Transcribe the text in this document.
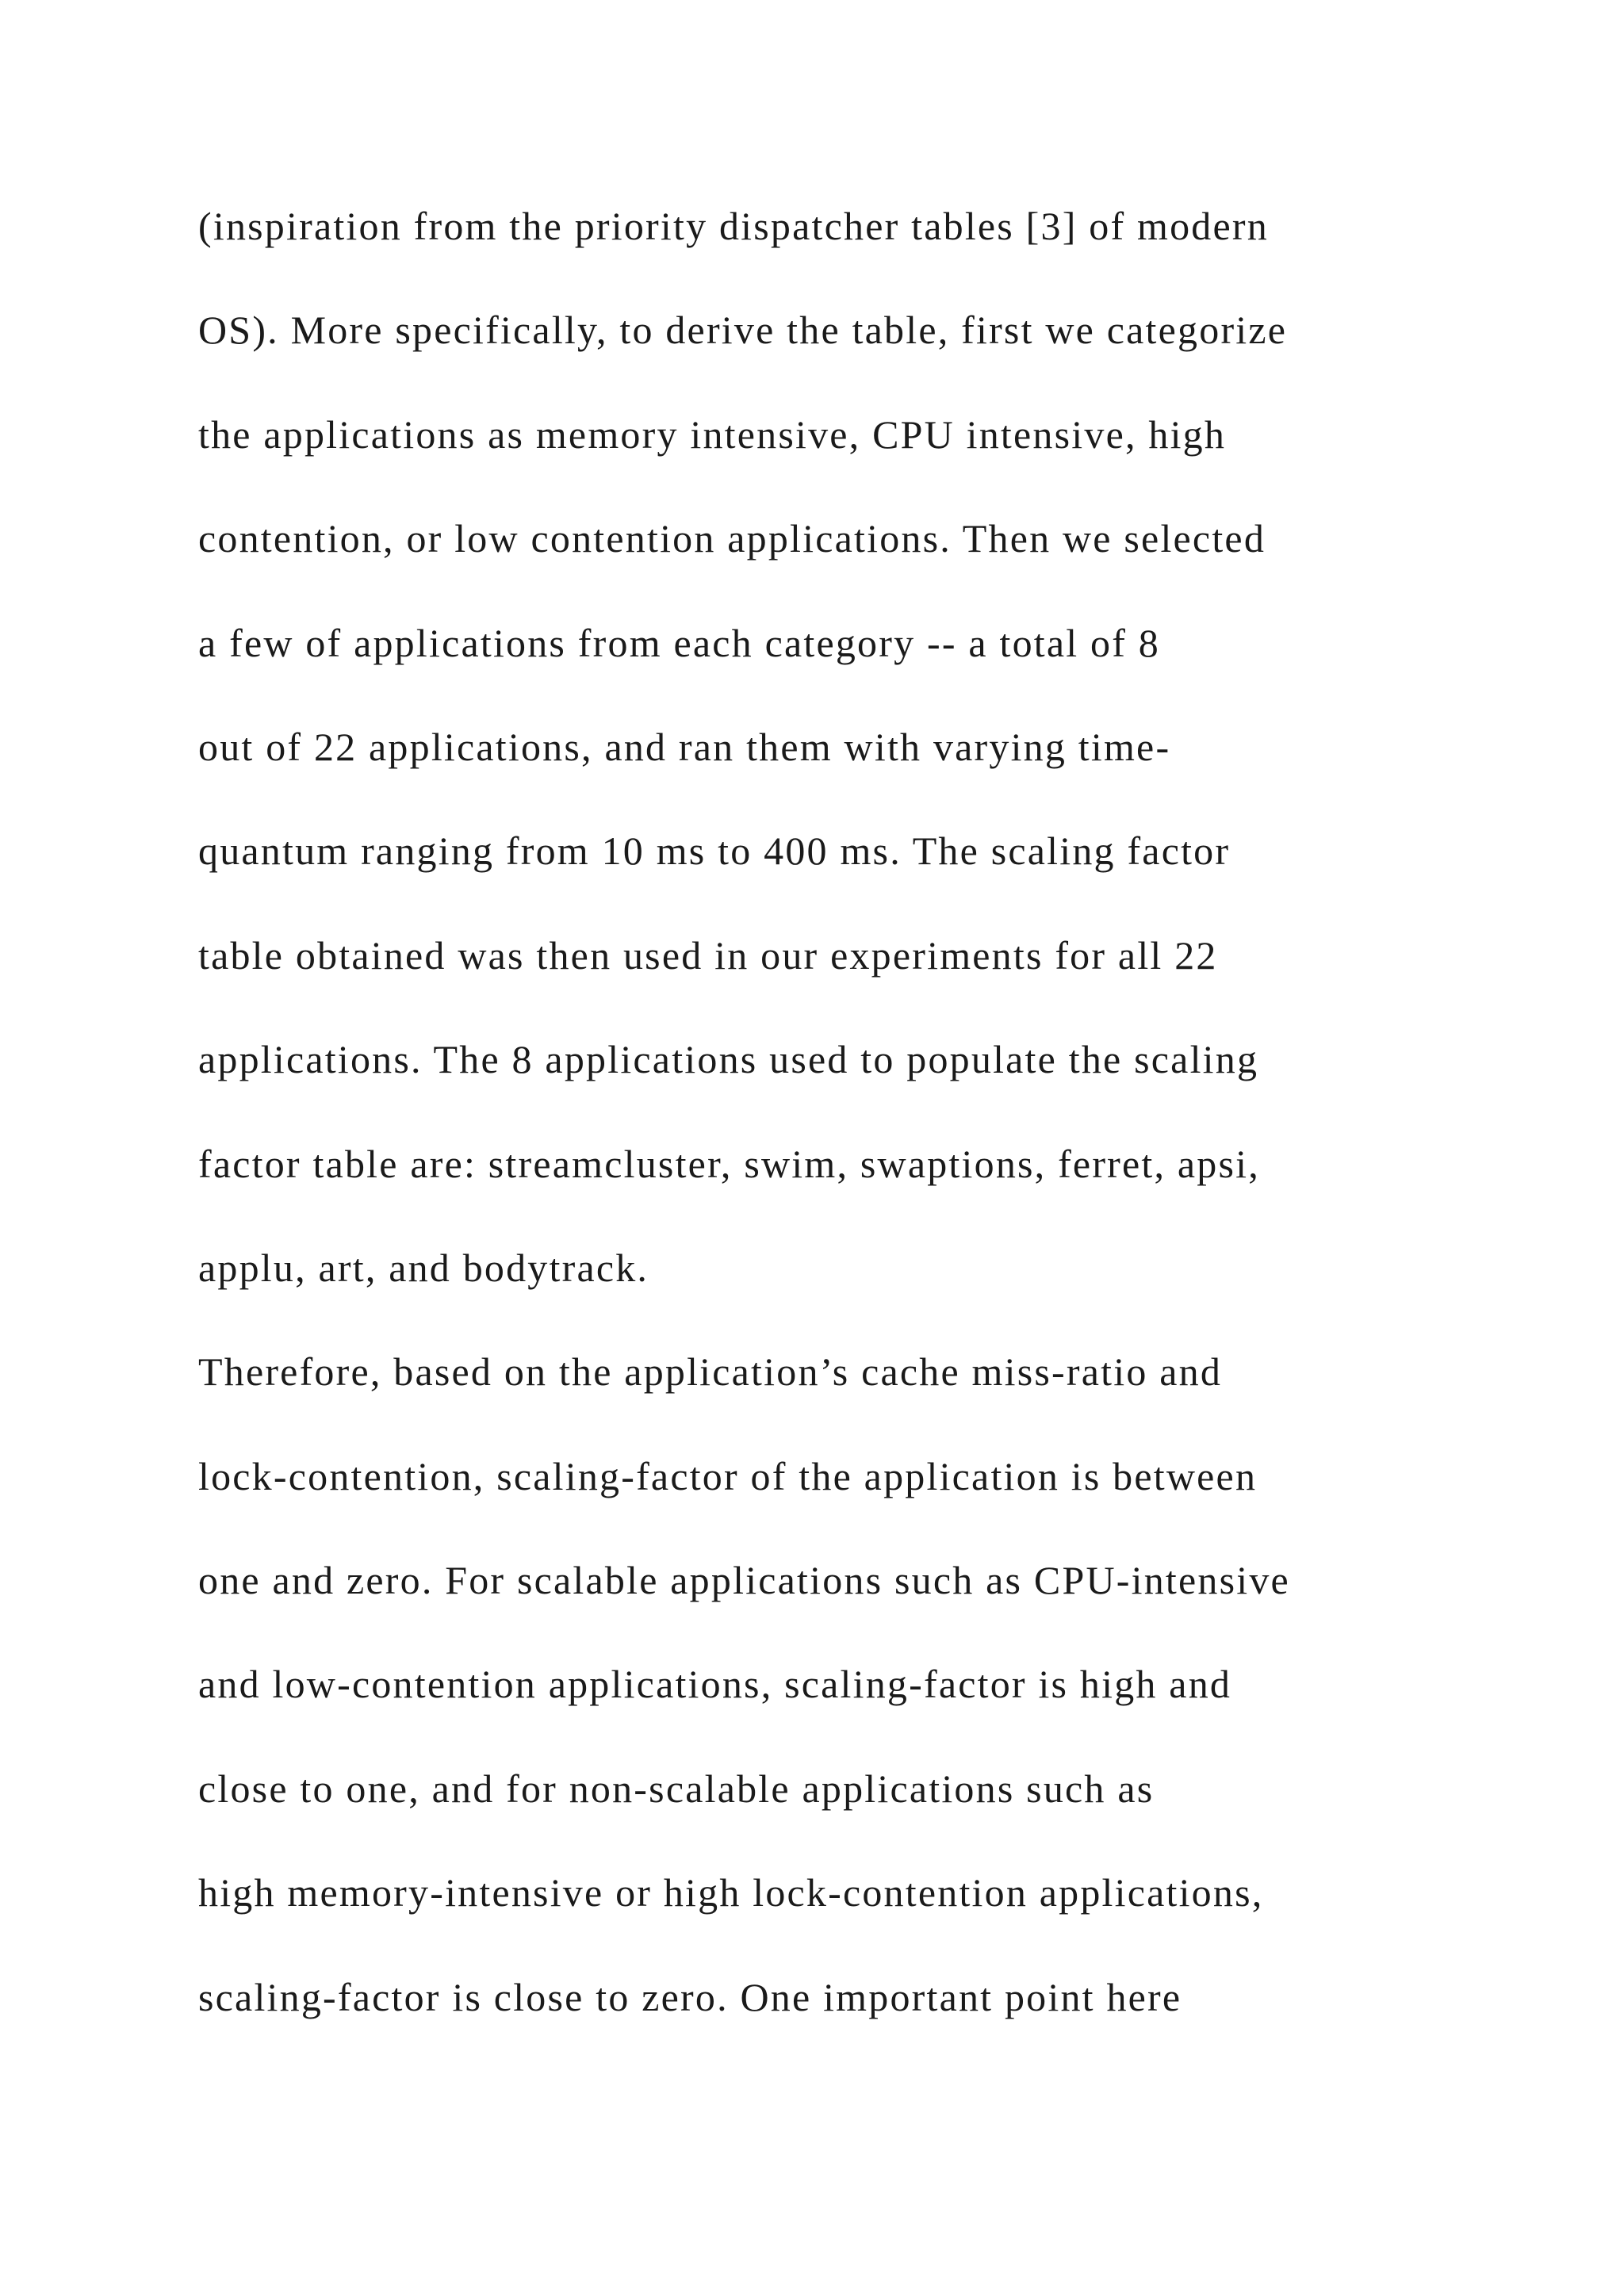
(inspiration from the priority dispatcher tables [3] of modern
OS). More specifically, to derive the table, first we categorize
the applications as memory intensive, CPU intensive, high
contention, or low contention applications. Then we selected
a few of applications from each category -- a total of 8
out of 22 applications, and ran them with varying time-
quantum ranging from 10 ms to 400 ms. The scaling factor
table obtained was then used in our experiments for all 22
applications. The 8 applications used to populate the scaling
factor table are: streamcluster, swim, swaptions, ferret, apsi,
applu, art, and bodytrack.
Therefore, based on the application’s cache miss-ratio and
lock-contention, scaling-factor of the application is between
one and zero. For scalable applications such as CPU-intensive
and low-contention applications, scaling-factor is high and
close to one, and for non-scalable applications such as
high memory-intensive or high lock-contention applications,
scaling-factor is close to zero. One important point here
